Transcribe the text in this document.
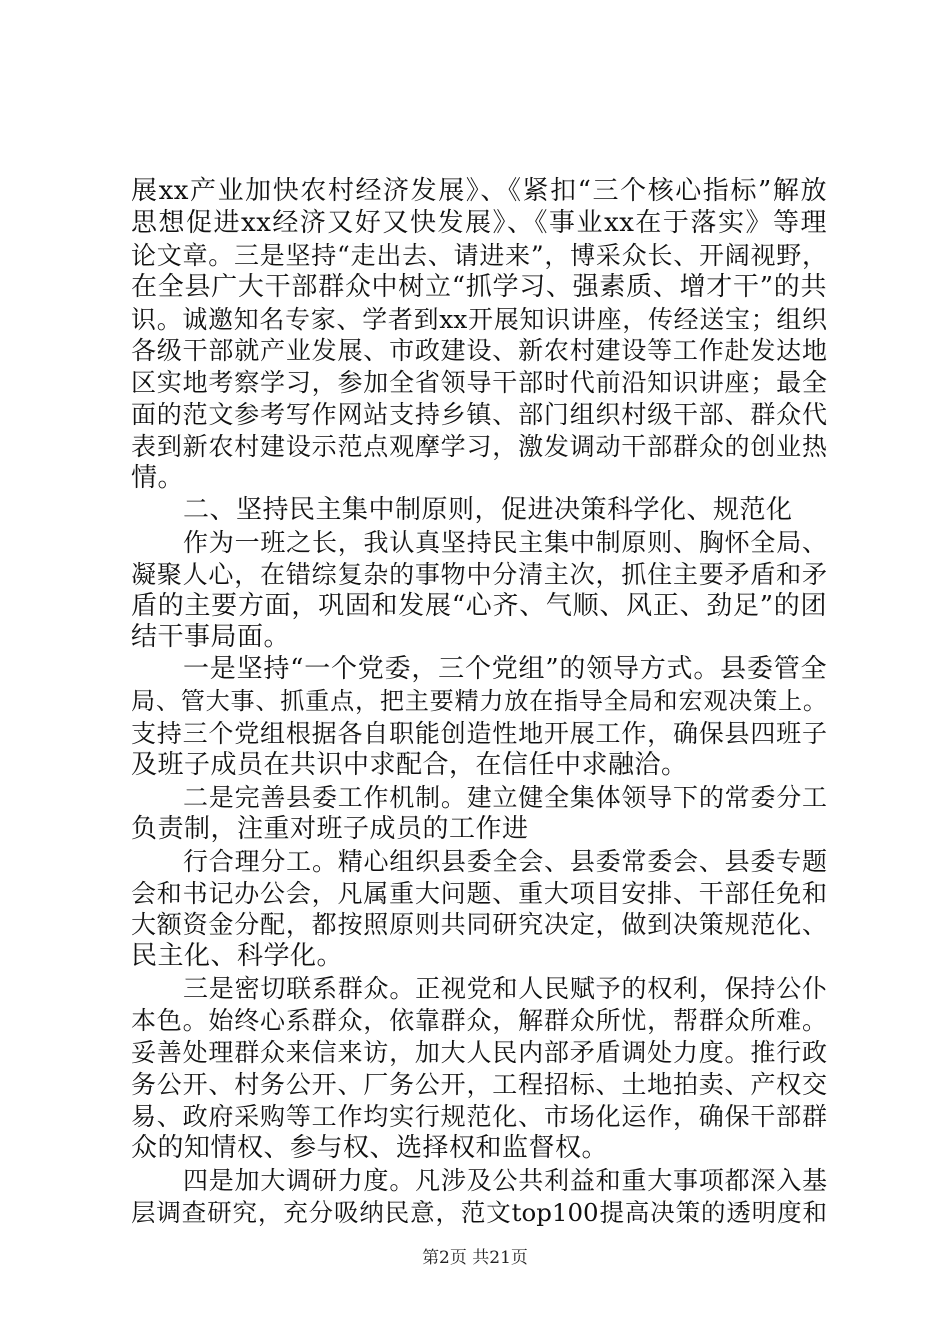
展xx产业加快农村经济发展》、《紧扣“三个核心指标”解放
思想促进xx经济又好又快发展》、《事业xx在于落实》等理
论文章。三是坚持“走出去、请进来”，博采众长、开阔视野，
在全县广大干部群众中树立“抓学习、强素质、增才干”的共
识。诚邀知名专家、学者到xx开展知识讲座，传经送宝；组织
各级干部就产业发展、市政建设、新农村建设等工作赴发达地
区实地考察学习，参加全省领导干部时代前沿知识讲座；最全
面的范文参考写作网站支持乡镇、部门组织村级干部、群众代
表到新农村建设示范点观摩学习，激发调动干部群众的创业热
情。
二、坚持民主集中制原则，促进决策科学化、规范化
作为一班之长，我认真坚持民主集中制原则、胸怀全局、
凝聚人心，在错综复杂的事物中分清主次，抓住主要矛盾和矛
盾的主要方面，巩固和发展“心齐、气顺、风正、劲足”的团
结干事局面。
一是坚持“一个党委，三个党组”的领导方式。县委管全
局、管大事、抓重点，把主要精力放在指导全局和宏观决策上。
支持三个党组根据各自职能创造性地开展工作，确保县四班子
及班子成员在共识中求配合，在信任中求融洽。
二是完善县委工作机制。建立健全集体领导下的常委分工
负责制，注重对班子成员的工作进
行合理分工。精心组织县委全会、县委常委会、县委专题
会和书记办公会，凡属重大问题、重大项目安排、干部任免和
大额资金分配，都按照原则共同研究决定，做到决策规范化、
民主化、科学化。
三是密切联系群众。正视党和人民赋予的权利，保持公仆
本色。始终心系群众，依靠群众，解群众所忧，帮群众所难。
妥善处理群众来信来访，加大人民内部矛盾调处力度。推行政
务公开、村务公开、厂务公开，工程招标、土地拍卖、产权交
易、政府采购等工作均实行规范化、市场化运作，确保干部群
众的知情权、参与权、选择权和监督权。
四是加大调研力度。凡涉及公共利益和重大事项都深入基
层调查研究，充分吸纳民意，范文top100提高决策的透明度和
第2页 共21页
